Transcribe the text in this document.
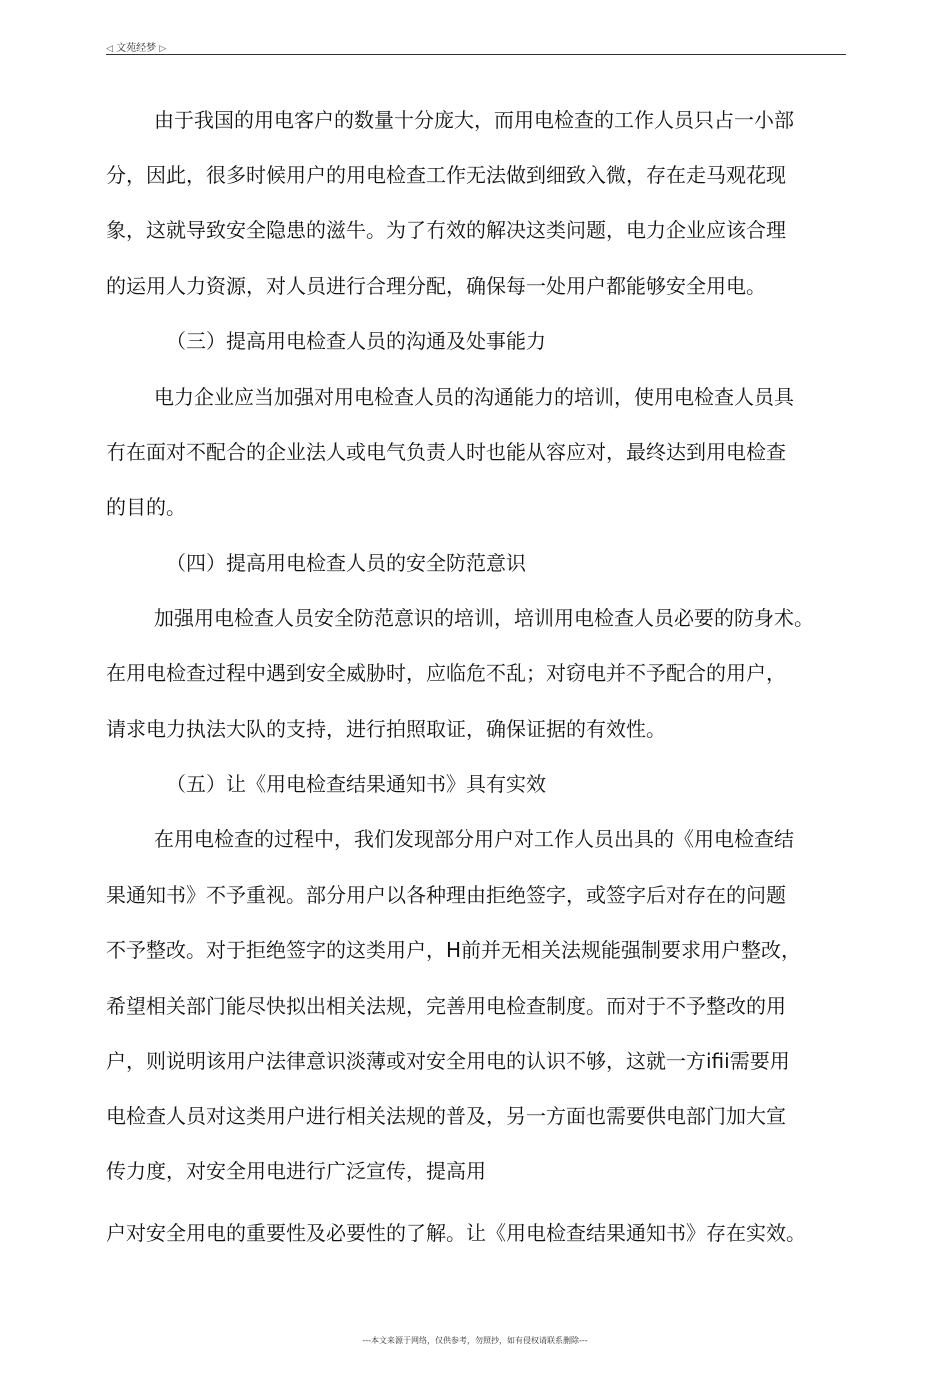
◁ 文苑经梦 ▷
由于我国的用电客户的数量十分庞大，而用电检查的工作人员只占一小部
分，因此，很多时候用户的用电检查工作无法做到细致入微，存在走马观花现
象，这就导致安全隐患的滋牛。为了冇效的解决这类问题，电力企业应该合理
的运用人力资源，对人员进行合理分配，确保每一处用户都能够安全用电。
（三）提高用电检查人员的沟通及处事能力
电力企业应当加强对用电检查人员的沟通能力的培训，使用电检查人员具
冇在面对不配合的企业法人或电气负责人时也能从容应对，最终达到用电检查
的目的。
（四）提高用电检查人员的安全防范意识
加强用电检查人员安全防范意识的培训，培训用电检查人员必要的防身术。
在用电检查过程中遇到安全威胁时，应临危不乱；对窃电并不予配合的用户，
请求电力执法大队的支持，进行拍照取证，确保证据的有效性。
（五）让《用电检查结果通知书》具有实效
在用电检查的过程中，我们发现部分用户对工作人员出具的《用电检查结
果通知书》不予重视。部分用户以各种理由拒绝签字，或签字后对存在的问题
不予整改。对于拒绝签字的这类用户，H前并无相关法规能强制要求用户整改，
希望相关部门能尽快拟出相关法规，完善用电检查制度。而对于不予整改的用
户，则说明该用户法律意识淡薄或对安全用电的认识不够，这就一方ifii需要用
电检查人员对这类用户进行相关法规的普及，另一方面也需要供电部门加大宣
传力度，对安全用电进行广泛宣传，提高用
户对安全用电的重要性及必要性的了解。让《用电检查结果通知书》存在实效。
---本文来源于网络，仅供参考，勿照抄，如有侵权请联系删除---
